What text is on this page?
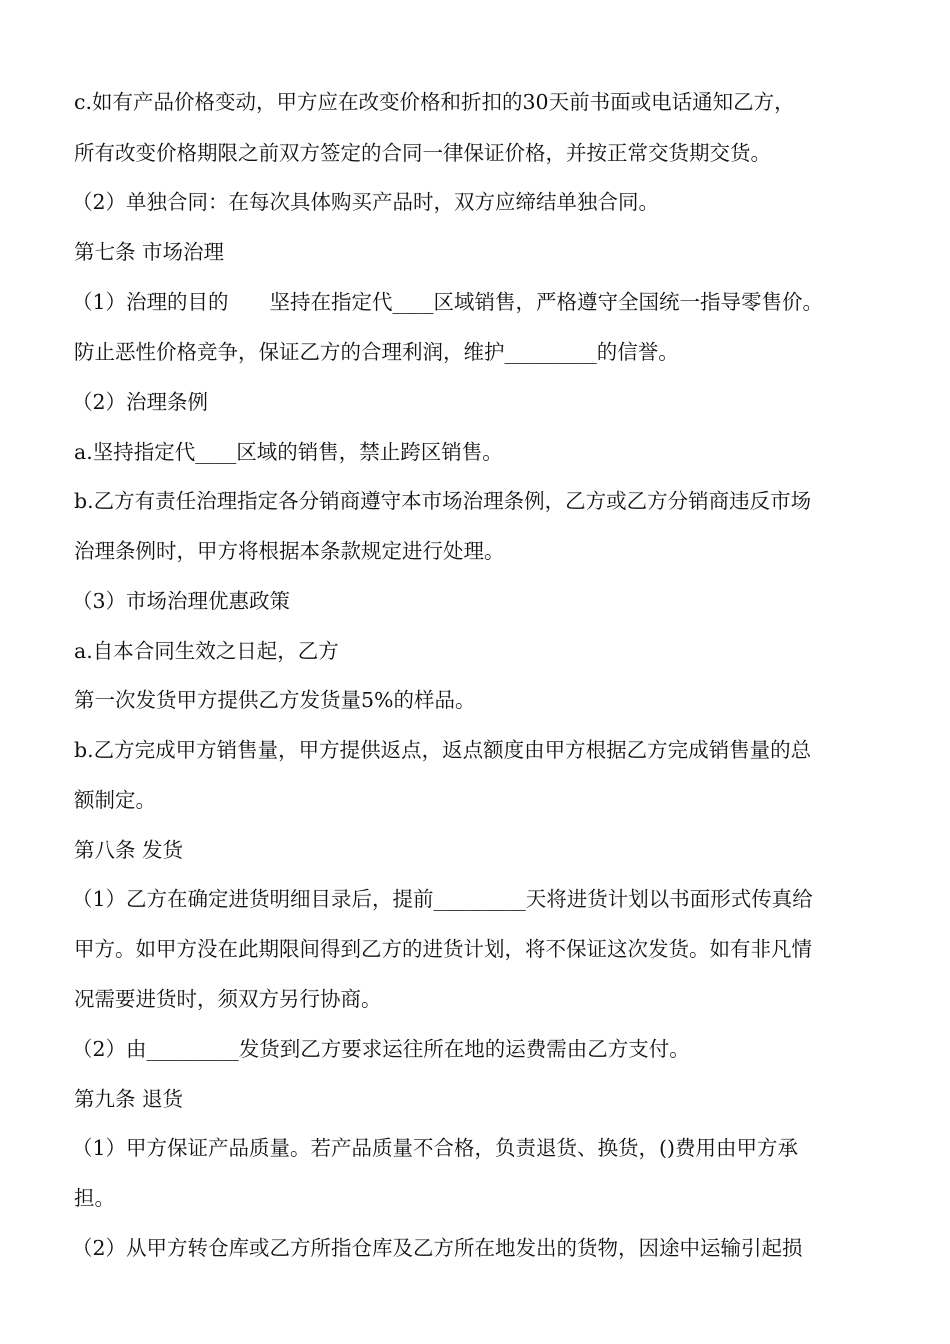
c.如有产品价格变动，甲方应在改变价格和折扣的30天前书面或电话通知乙方，
所有改变价格期限之前双方签定的合同一律保证价格，并按正常交货期交货。
（2）单独合同：在每次具体购买产品时，双方应缔结单独合同。
第七条 市场治理
（1）治理的目的　　坚持在指定代____区域销售，严格遵守全国统一指导零售价。
防止恶性价格竞争，保证乙方的合理利润，维护_________的信誉。
（2）治理条例
a.坚持指定代____区域的销售，禁止跨区销售。
b.乙方有责任治理指定各分销商遵守本市场治理条例，乙方或乙方分销商违反市场
治理条例时，甲方将根据本条款规定进行处理。
（3）市场治理优惠政策
a.自本合同生效之日起，乙方
第一次发货甲方提供乙方发货量5%的样品。
b.乙方完成甲方销售量，甲方提供返点，返点额度由甲方根据乙方完成销售量的总
额制定。
第八条 发货
（1）乙方在确定进货明细目录后，提前_________天将进货计划以书面形式传真给
甲方。如甲方没在此期限间得到乙方的进货计划，将不保证这次发货。如有非凡情
况需要进货时，须双方另行协商。
（2）由_________发货到乙方要求运往所在地的运费需由乙方支付。
第九条 退货
（1）甲方保证产品质量。若产品质量不合格，负责退货、换货，()费用由甲方承
担。
（2）从甲方转仓库或乙方所指仓库及乙方所在地发出的货物，因途中运输引起损
